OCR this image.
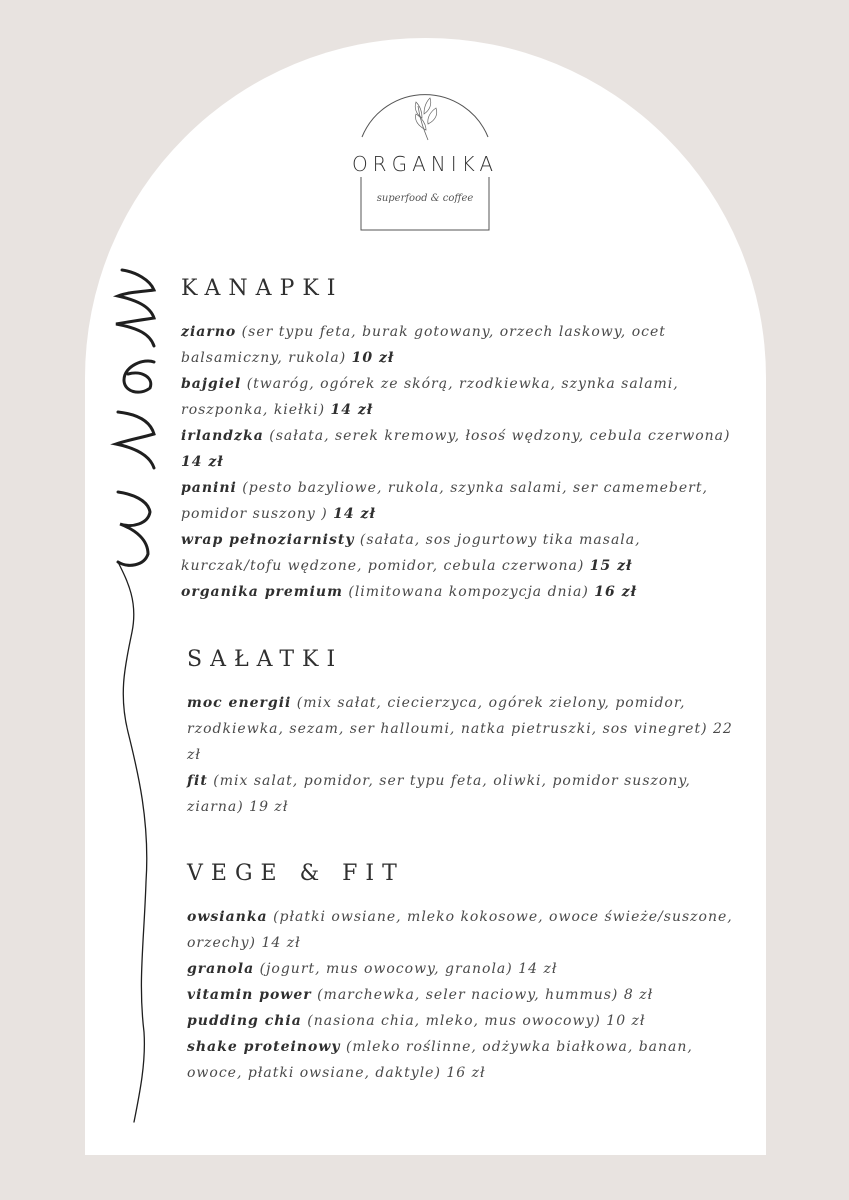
ORGANIKA
superfood & coffee
KANAPKI
ziarno (ser typu feta, burak gotowany, orzech laskowy, ocet balsamiczny, rukola) 10 zł
bajgiel (twaróg, ogórek ze skórą, rzodkiewka, szynka salami, roszponka, kiełki) 14 zł
irlandzka (sałata, serek kremowy, łosoś wędzony, cebula czerwona) 14 zł
panini (pesto bazyliowe, rukola, szynka salami, ser camemebert, pomidor suszony ) 14 zł
wrap pełnoziarnisty (sałata, sos jogurtowy tika masala, kurczak/tofu wędzone, pomidor, cebula czerwona) 15 zł
organika premium (limitowana kompozycja dnia) 16 zł
SAŁATKI
moc energii (mix sałat, ciecierzyca, ogórek zielony, pomidor, rzodkiewka, sezam, ser halloumi, natka pietruszki, sos vinegret) 22 zł
fit (mix salat, pomidor, ser typu feta, oliwki, pomidor suszony, ziarna) 19 zł
VEGE & FIT
owsianka (płatki owsiane, mleko kokosowe, owoce świeże/suszone, orzechy) 14 zł
granola (jogurt, mus owocowy, granola) 14 zł
vitamin power (marchewka, seler naciowy, hummus) 8 zł
pudding chia (nasiona chia, mleko, mus owocowy) 10 zł
shake proteinowy (mleko roślinne, odżywka białkowa, banan, owoce, płatki owsiane, daktyle) 16 zł
